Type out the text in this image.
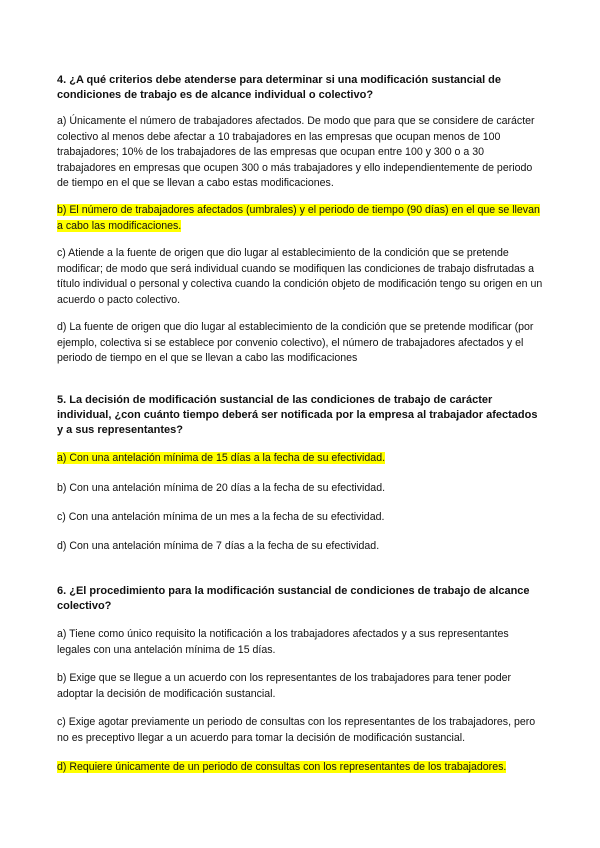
4. ¿A qué criterios debe atenderse para determinar si una modificación sustancial de condiciones de trabajo es de alcance individual o colectivo?

a) Únicamente el número de trabajadores afectados. De modo que para que se considere de carácter colectivo al menos debe afectar a 10 trabajadores en las empresas que ocupan menos de 100 trabajadores; 10% de los trabajadores de las empresas que ocupan entre 100 y 300 o a 30 trabajadores en empresas que ocupen 300 o más trabajadores y ello independientemente de periodo de tiempo en el que se llevan a cabo estas modificaciones.

b) El número de trabajadores afectados (umbrales) y el periodo de tiempo (90 días) en el que se llevan a cabo las modificaciones.

c) Atiende a la fuente de origen que dio lugar al establecimiento de la condición que se pretende modificar; de modo que será individual cuando se modifiquen las condiciones de trabajo disfrutadas a título individual o personal y colectiva cuando la condición objeto de modificación tengo su origen en un acuerdo o pacto colectivo.

d) La fuente de origen que dio lugar al establecimiento de la condición que se pretende modificar (por ejemplo, colectiva si se establece por convenio colectivo), el número de trabajadores afectados y el periodo de tiempo en el que se llevan a cabo las modificaciones

5. La decisión de modificación sustancial de las condiciones de trabajo de carácter individual, ¿con cuánto tiempo deberá ser notificada por la empresa al trabajador afectados y a sus representantes?

a) Con una antelación mínima de 15 días a la fecha de su efectividad.

b) Con una antelación mínima de 20 días a la fecha de su efectividad.

c) Con una antelación mínima de un mes a la fecha de su efectividad.

d) Con una antelación mínima de 7 días a la fecha de su efectividad.

6. ¿El procedimiento para la modificación sustancial de condiciones de trabajo de alcance colectivo?

a) Tiene como único requisito la notificación a los trabajadores afectados y a sus representantes legales con una antelación mínima de 15 días.

b) Exige que se llegue a un acuerdo con los representantes de los trabajadores para tener poder adoptar la decisión de modificación sustancial.

c) Exige agotar previamente un periodo de consultas con los representantes de los trabajadores, pero no es preceptivo llegar a un acuerdo para tomar la decisión de modificación sustancial.

d) Requiere únicamente de un periodo de consultas con los representantes de los trabajadores.
